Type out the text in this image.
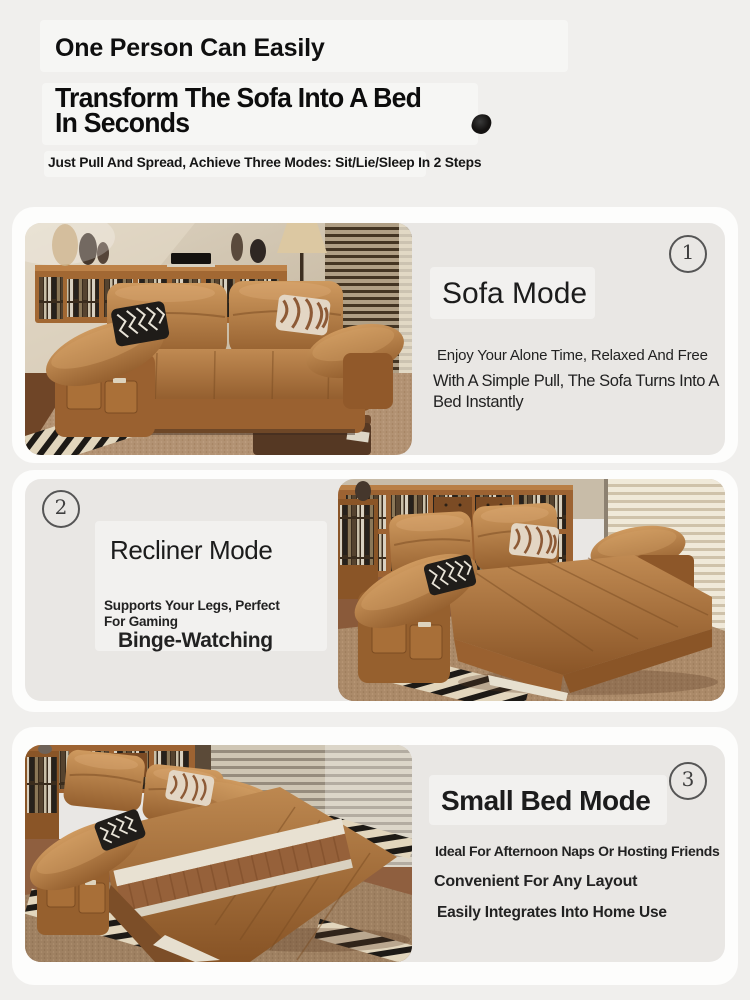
One Person Can Easily
Transform The Sofa Into A Bed
In Seconds
Just Pull And Spread, Achieve Three Modes: Sit/Lie/Sleep In 2 Steps
1
Sofa Mode
Enjoy Your Alone Time, Relaxed And Free
With A Simple Pull, The Sofa Turns Into A Bed Instantly
2
Recliner Mode
Supports Your Legs, Perfect For Gaming
Binge-Watching
3
Small Bed Mode
Ideal For Afternoon Naps Or Hosting Friends
Convenient For Any Layout
Easily Integrates Into Home Use
